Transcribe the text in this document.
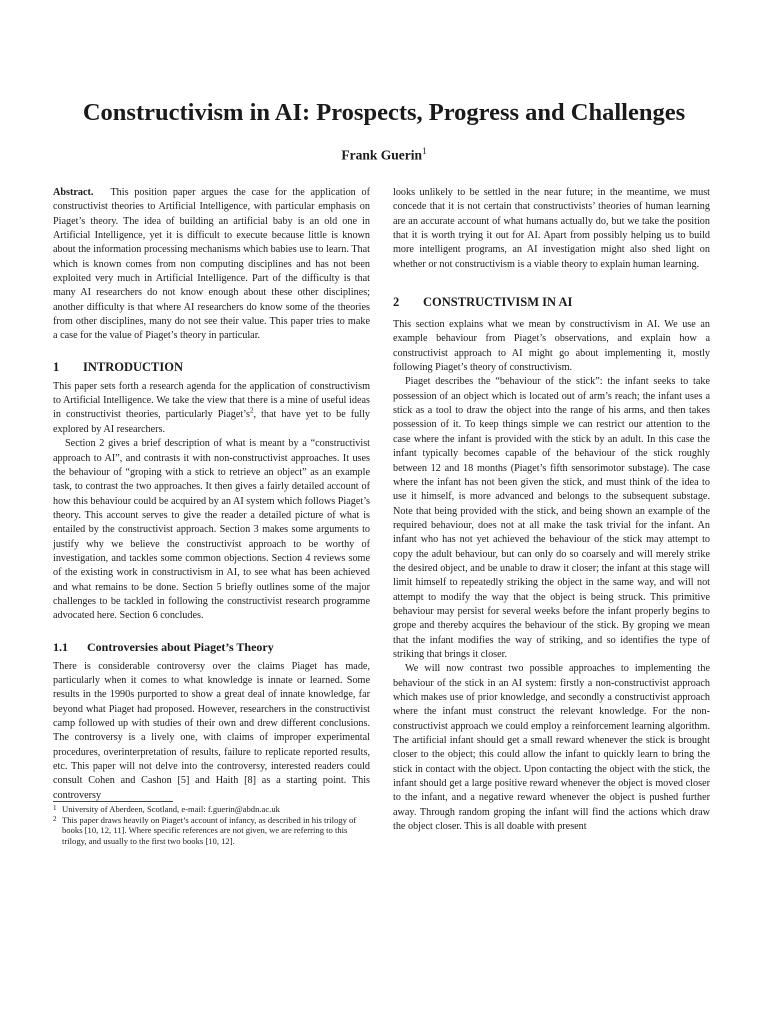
Constructivism in AI: Prospects, Progress and Challenges
Frank Guerin$^1$

Abstract. This position paper argues the case for the application of constructivist theories to Artificial Intelligence, with particular emphasis on Piaget’s theory. The idea of building an artificial baby is an old one in Artificial Intelligence, yet it is difficult to execute because little is known about the information processing mechanisms which babies use to learn. That which is known comes from non computing disciplines and has not been exploited very much in Artificial Intelligence. Part of the difficulty is that many AI researchers do not know enough about these other disciplines; another difficulty is that where AI researchers do know some of the theories from other disciplines, many do not see their value. This paper tries to make a case for the value of Piaget’s theory in particular.

1 INTRODUCTION

This paper sets forth a research agenda for the application of constructivism to Artificial Intelligence. We take the view that there is a mine of useful ideas in constructivist theories, particularly Piaget’s$^2$, that have yet to be fully explored by AI researchers.

Section 2 gives a brief description of what is meant by a “constructivist approach to AI”, and contrasts it with non-constructivist approaches. It uses the behaviour of “groping with a stick to retrieve an object” as an example task, to contrast the two approaches. It then gives a fairly detailed account of how this behaviour could be acquired by an AI system which follows Piaget’s theory. This account serves to give the reader a detailed picture of what is entailed by the constructivist approach. Section 3 makes some arguments to justify why we believe the constructivist approach to be worthy of investigation, and tackles some common objections. Section 4 reviews some of the existing work in constructivism in AI, to see what has been achieved and what remains to be done. Section 5 briefly outlines some of the major challenges to be tackled in following the constructivist research programme advocated here. Section 6 concludes.

1.1 Controversies about Piaget’s Theory

There is considerable controversy over the claims Piaget has made, particularly when it comes to what knowledge is innate or learned. Some results in the 1990s purported to show a great deal of innate knowledge, far beyond what Piaget had proposed. However, researchers in the constructivist camp followed up with studies of their own and drew different conclusions. The controversy is a lively one, with claims of improper experimental procedures, overinterpretation of results, failure to replicate reported results, etc. This paper will not delve into the controversy, interested readers could consult Cohen and Cashon [5] and Haith [8] as a starting point. This controversy

1 University of Aberdeen, Scotland, e-mail: f.guerin@abdn.ac.uk
2 This paper draws heavily on Piaget’s account of infancy, as described in his trilogy of books [10, 12, 11]. Where specific references are not given, we are referring to this trilogy, and usually to the first two books [10, 12].

looks unlikely to be settled in the near future; in the meantime, we must concede that it is not certain that constructivists’ theories of human learning are an accurate account of what humans actually do, but we take the position that it is worth trying it out for AI. Apart from possibly helping us to build more intelligent programs, an AI investigation might also shed light on whether or not constructivism is a viable theory to explain human learning.

2 CONSTRUCTIVISM IN AI

This section explains what we mean by constructivism in AI. We use an example behaviour from Piaget’s observations, and explain how a constructivist approach to AI might go about implementing it, mostly following Piaget’s theory of constructivism.

Piaget describes the “behaviour of the stick”: the infant seeks to take possession of an object which is located out of arm’s reach; the infant uses a stick as a tool to draw the object into the range of his arms, and then takes possession of it. To keep things simple we can restrict our attention to the case where the infant is provided with the stick by an adult. In this case the infant typically becomes capable of the behaviour of the stick roughly between 12 and 18 months (Piaget’s fifth sensorimotor substage). The case where the infant has not been given the stick, and must think of the idea to use it himself, is more advanced and belongs to the subsequent substage. Note that being provided with the stick, and being shown an example of the required behaviour, does not at all make the task trivial for the infant. An infant who has not yet achieved the behaviour of the stick may attempt to copy the adult behaviour, but can only do so coarsely and will merely strike the desired object, and be unable to draw it closer; the infant at this stage will limit himself to repeatedly striking the object in the same way, and will not attempt to modify the way that the object is being struck. This primitive behaviour may persist for several weeks before the infant properly begins to grope and thereby acquires the behaviour of the stick. By groping we mean that the infant modifies the way of striking, and so identifies the type of striking that brings it closer.

We will now contrast two possible approaches to implementing the behaviour of the stick in an AI system: firstly a non-constructivist approach which makes use of prior knowledge, and secondly a constructivist approach where the infant must construct the relevant knowledge. For the non-constructivist approach we could employ a reinforcement learning algorithm. The artificial infant should get a small reward whenever the stick is brought closer to the object; this could allow the infant to quickly learn to bring the stick in contact with the object. Upon contacting the object with the stick, the infant should get a large positive reward whenever the object is moved closer to the infant, and a negative reward whenever the object is pushed further away. Through random groping the infant will find the actions which draw the object closer. This is all doable with present
